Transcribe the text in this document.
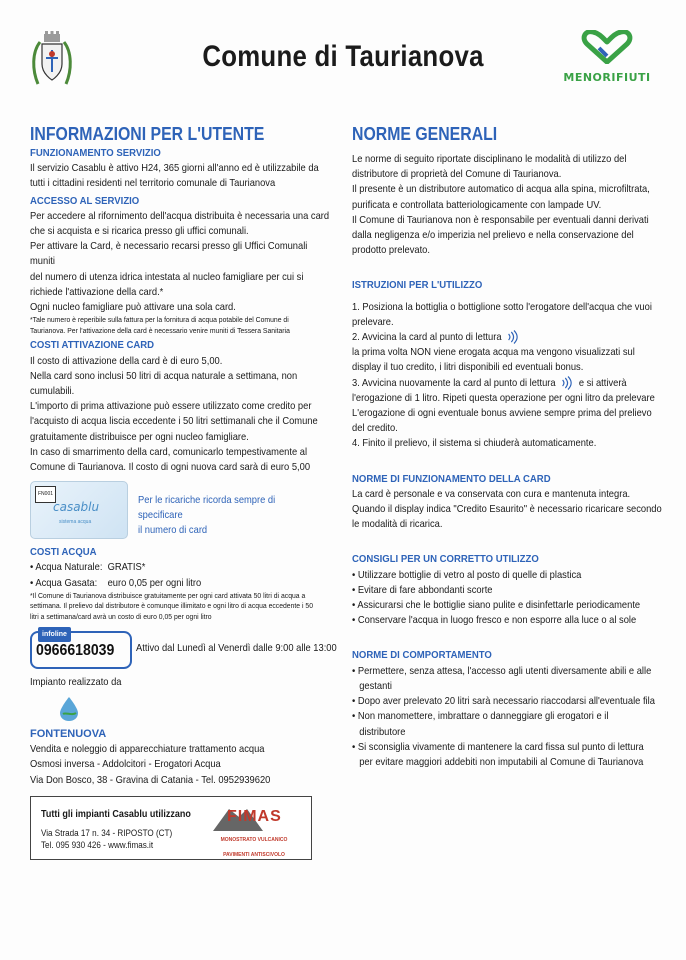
Comune di Taurianova
MENORIFIUTI
INFORMAZIONI PER L'UTENTE
FUNZIONAMENTO SERVIZIO
Il servizio Casablu è attivo H24, 365 giorni all'anno ed è utilizzabile da
tutti i cittadini residenti nel territorio comunale di Taurianova
ACCESSO AL SERVIZIO
Per accedere al rifornimento dell'acqua distribuita è necessaria una card
che si acquista e si ricarica presso gli uffici comunali.
Per attivare la Card, è necessario recarsi presso gli Uffici Comunali muniti
del numero di utenza idrica intestata al nucleo famigliare per cui si
richiede l'attivazione della card.*
Ogni nucleo famigliare può attivare una sola card.
*Tale numero è reperibile sulla fattura per la fornitura di acqua potabile del Comune di
Taurianova. Per l'attivazione della card è necessario venire muniti di Tessera Sanitaria
COSTI ATTIVAZIONE CARD
Il costo di attivazione della card è di euro 5,00.
Nella card sono inclusi 50 litri di acqua naturale a settimana, non
cumulabili.
L'importo di prima attivazione può essere utilizzato come credito per
l'acquisto di acqua liscia eccedente i 50 litri settimanali che il Comune
gratuitamente distribuisce per ogni nucleo famigliare.
In caso di smarrimento della card, comunicarlo tempestivamente al
Comune di Taurianova. Il costo di ogni nuova card sarà di euro 5,00
FN001
casablu
sistema acqua
Per le ricariche ricorda sempre di specificare
il numero di card
COSTI ACQUA
• Acqua Naturale:  GRATIS*
• Acqua Gasata:    euro 0,05 per ogni litro
*Il Comune di Taurianova distribuisce gratuitamente per ogni card attivata 50 litri di acqua a
settimana. Il prelievo dal distributore è comunque illimitato e ogni litro di acqua eccedente i 50
litri a settimana/card avrà un costo di euro 0,05 per ogni litro
infoline
0966618039 Attivo dal Lunedì al Venerdì dalle 9:00 alle 13:00
Impianto realizzato da
FONTENUOVA
Vendita e noleggio di apparecchiature trattamento acqua
Osmosi inversa - Addolcitori - Erogatori Acqua
Via Don Bosco, 38 - Gravina di Catania - Tel. 0952939620
Tutti gli impianti Casablu utilizzano
Via Strada 17 n. 34 - RIPOSTO (CT)
Tel. 095 930 426 - www.fimas.it
FIMAS
MONOSTRATO VULCANICO
PAVIMENTI ANTISCIVOLO
NORME GENERALI
Le norme di seguito riportate disciplinano le modalità di utilizzo del
distributore di proprietà del Comune di Taurianova.
Il presente è un distributore automatico di acqua alla spina, microfiltrata,
purificata e controllata batteriologicamente con lampade UV.
Il Comune di Taurianova non è responsabile per eventuali danni derivati
dalla negligenza e/o imperizia nel prelievo e nella conservazione del
prodotto prelevato.
ISTRUZIONI PER L'UTILIZZO
1. Posiziona la bottiglia o bottiglione sotto l'erogatore dell'acqua che vuoi
prelevare.
2. Avvicina la card al punto di lettura
la prima volta NON viene erogata acqua ma vengono visualizzati sul
display il tuo credito, i litri disponibili ed eventuali bonus.
3. Avvicina nuovamente la card al punto di lettura e si attiverà
l'erogazione di 1 litro. Ripeti questa operazione per ogni litro da prelevare
L'erogazione di ogni eventuale bonus avviene sempre prima del prelievo
del credito.
4. Finito il prelievo, il sistema si chiuderà automaticamente.
NORME DI FUNZIONAMENTO DELLA CARD
La card è personale e va conservata con cura e mantenuta integra.
Quando il display indica "Credito Esaurito" è necessario ricaricare secondo
le modalità di ricarica.
CONSIGLI PER UN CORRETTO UTILIZZO
• Utilizzare bottiglie di vetro al posto di quelle di plastica
• Evitare di fare abbondanti scorte
• Assicurarsi che le bottiglie siano pulite e disinfettarle periodicamente
• Conservare l'acqua in luogo fresco e non esporre alla luce o al sole
NORME DI COMPORTAMENTO
• Permettere, senza attesa, l'accesso agli utenti diversamente abili e alle
gestanti
• Dopo aver prelevato 20 litri sarà necessario riaccodarsi all'eventuale fila
• Non manomettere, imbrattare o danneggiare gli erogatori e il
distributore
• Si sconsiglia vivamente di mantenere la card fissa sul punto di lettura
per evitare maggiori addebiti non imputabili al Comune di Taurianova
